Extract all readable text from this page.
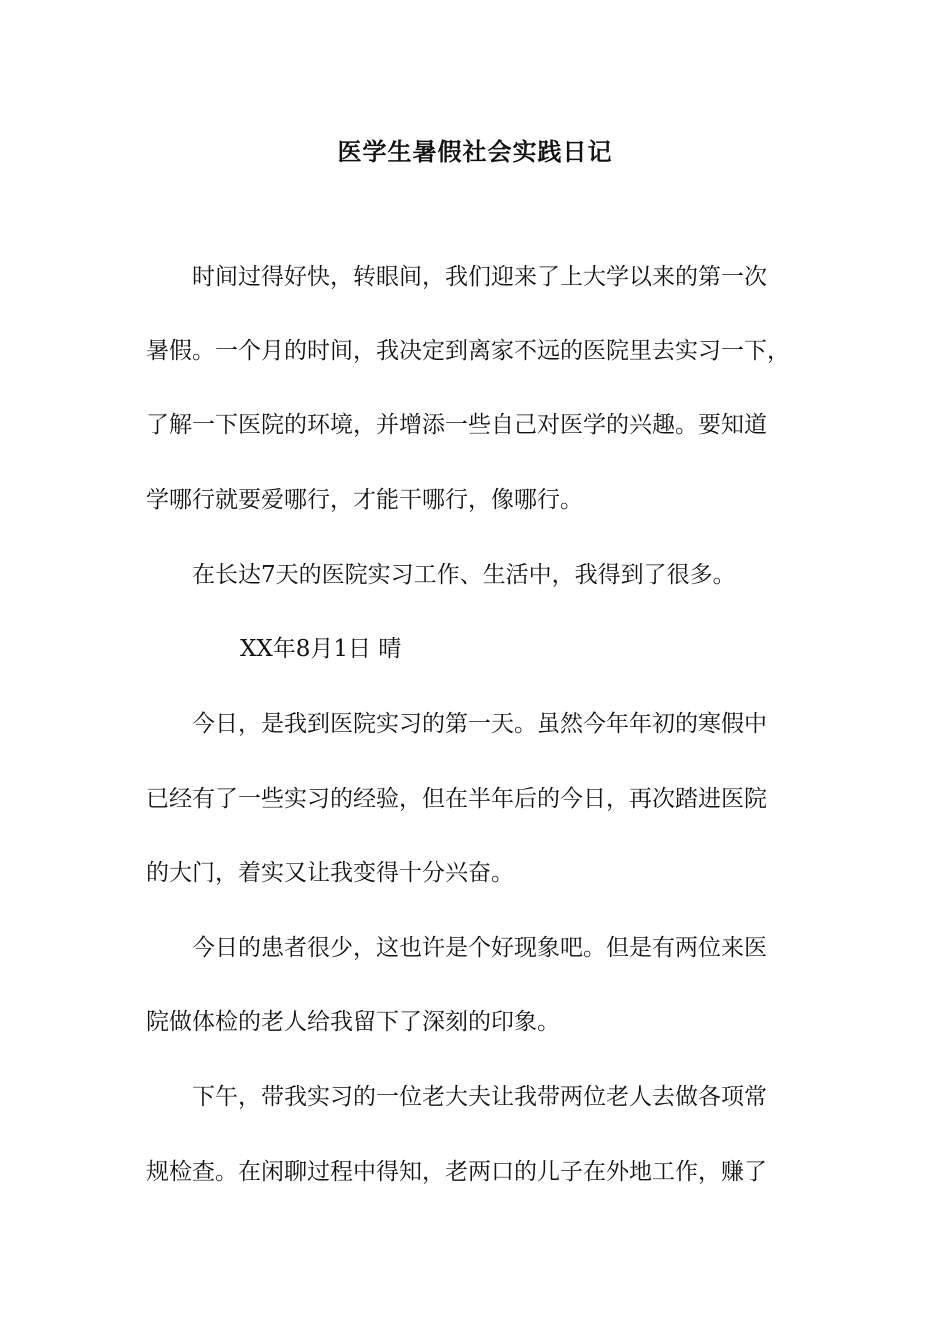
医学生暑假社会实践日记
时间过得好快，转眼间，我们迎来了上大学以来的第一次
暑假。一个月的时间，我决定到离家不远的医院里去实习一下，
了解一下医院的环境，并增添一些自己对医学的兴趣。要知道
学哪行就要爱哪行，才能干哪行，像哪行。
在长达7天的医院实习工作、生活中，我得到了很多。
XX年8月1日 晴
今日，是我到医院实习的第一天。虽然今年年初的寒假中
已经有了一些实习的经验，但在半年后的今日，再次踏进医院
的大门，着实又让我变得十分兴奋。
今日的患者很少，这也许是个好现象吧。但是有两位来医
院做体检的老人给我留下了深刻的印象。
下午，带我实习的一位老大夫让我带两位老人去做各项常
规检查。在闲聊过程中得知，老两口的儿子在外地工作，赚了
